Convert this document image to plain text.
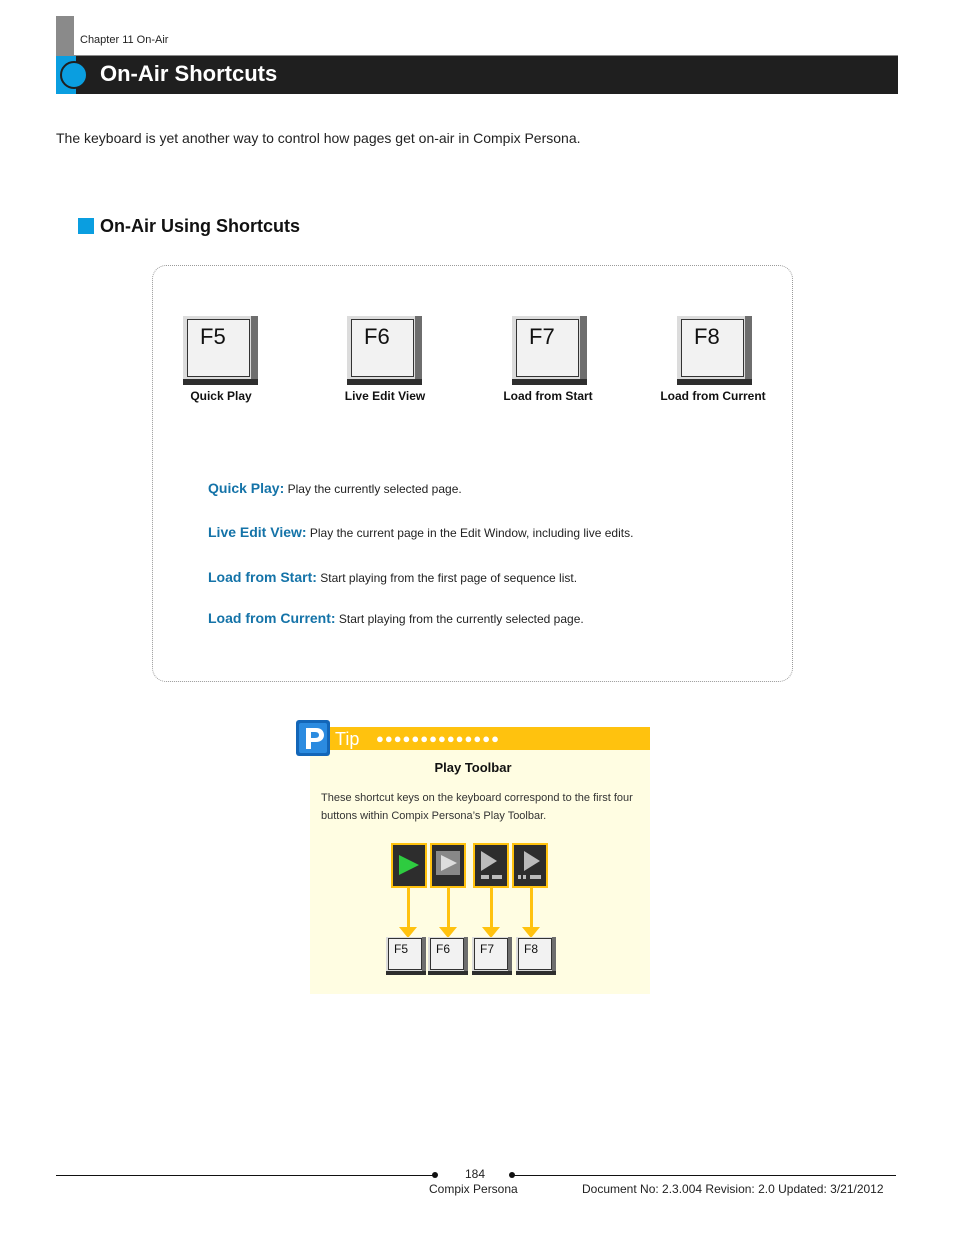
Chapter 11 On-Air
On-Air Shortcuts
The keyboard is yet another way to control how pages get on-air in Compix Persona.
On-Air Using Shortcuts
F5
Quick Play
F6
Live Edit View
F7
Load from Start
F8
Load from Current
Quick Play: Play the currently selected page.
Live Edit View: Play the current page in the Edit Window, including live edits.
Load from Start: Start playing from the first page of sequence list.
Load from Current: Start playing from the currently selected page.
Tip ●●●●●●●●●●●●●●
Play Toolbar
These shortcut keys on the keyboard correspond to the first four buttons within Compix Persona’s Play Toolbar.
F5 F6 F7 F8
184
Compix Persona	Document No: 2.3.004 Revision: 2.0 Updated: 3/21/2012
